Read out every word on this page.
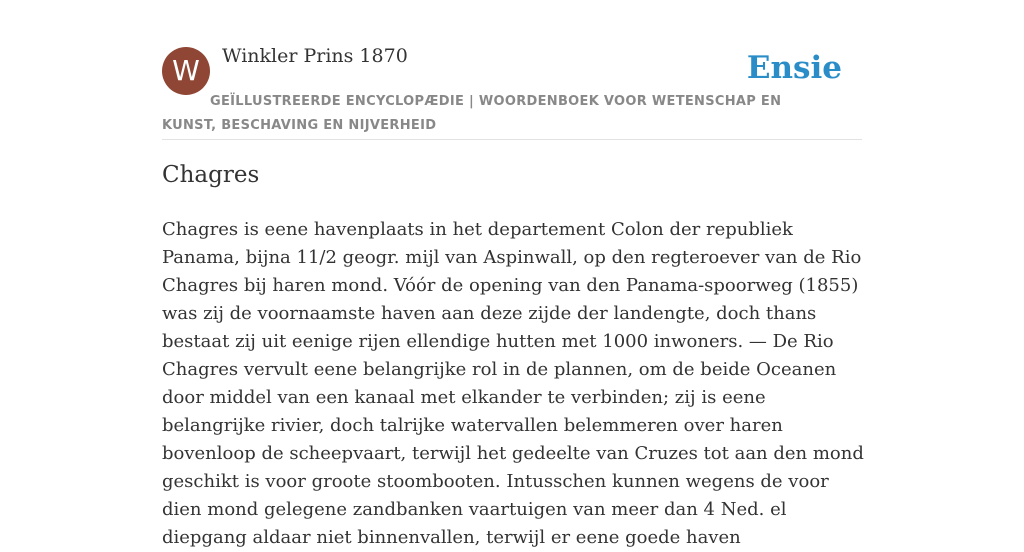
W	Winkler Prins 1870	Ensie
GEÏLLUSTREERDE ENCYCLOPÆDIE | WOORDENBOEK VOOR WETENSCHAP EN KUNST, BESCHAVING EN NIJVERHEID
Chagres

Chagres is eene havenplaats in het departement Colon der republiek Panama, bijna 11/2 geogr. mijl van Aspinwall, op den regteroever van de Rio Chagres bij haren mond. Vóór de opening van den Panama-spoorweg (1855) was zij de voornaamste haven aan deze zijde der landengte, doch thans bestaat zij uit eenige rijen ellendige hutten met 1000 inwoners. — De Rio Chagres vervult eene belangrijke rol in de plannen, om de beide Oceanen door middel van een kanaal met elkander te verbinden; zij is eene belangrijke rivier, doch talrijke watervallen belemmeren over haren bovenloop de scheepvaart, terwijl het gedeelte van Cruzes tot aan den mond geschikt is voor groote stoombooten. Intusschen kunnen wegens de voor dien mond gelegene zandbanken vaartuigen van meer dan 4 Ned. el diepgang aldaar niet binnenvallen, terwijl er eene goede haven
